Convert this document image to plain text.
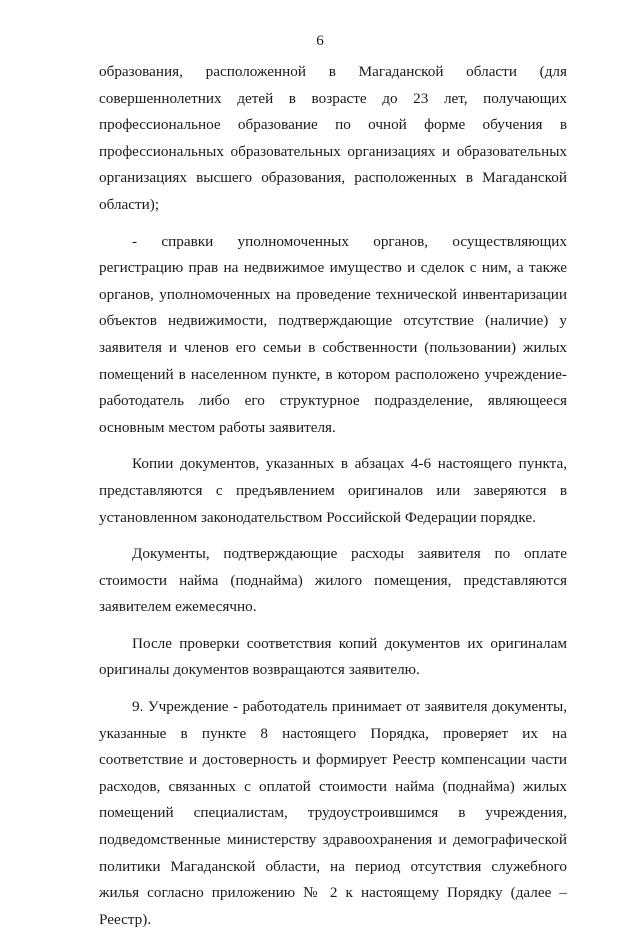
6

образования, расположенной в Магаданской области (для совершеннолетних детей в возрасте до 23 лет, получающих профессиональное образование по очной форме обучения в профессиональных образовательных организациях и образовательных организациях высшего образования, расположенных в Магаданской области);

- справки уполномоченных органов, осуществляющих регистрацию прав на недвижимое имущество и сделок с ним, а также органов, уполномоченных на проведение технической инвентаризации объектов недвижимости, подтверждающие отсутствие (наличие) у заявителя и членов его семьи в собственности (пользовании) жилых помещений в населенном пункте, в котором расположено учреждение-работодатель либо его структурное подразделение, являющееся основным местом работы заявителя.

Копии документов, указанных в абзацах 4-6 настоящего пункта, представляются с предъявлением оригиналов или заверяются в установленном законодательством Российской Федерации порядке.

Документы, подтверждающие расходы заявителя по оплате стоимости найма (поднайма) жилого помещения, представляются заявителем ежемесячно.

После проверки соответствия копий документов их оригиналам оригиналы документов возвращаются заявителю.

9. Учреждение - работодатель принимает от заявителя документы, указанные в пункте 8 настоящего Порядка, проверяет их на соответствие и достоверность и формирует Реестр компенсации части расходов, связанных с оплатой стоимости найма (поднайма) жилых помещений специалистам, трудоустроившимся в учреждения, подведомственные министерству здравоохранения и демографической политики Магаданской области, на период отсутствия служебного жилья согласно приложению № 2 к настоящему Порядку (далее – Реестр).
